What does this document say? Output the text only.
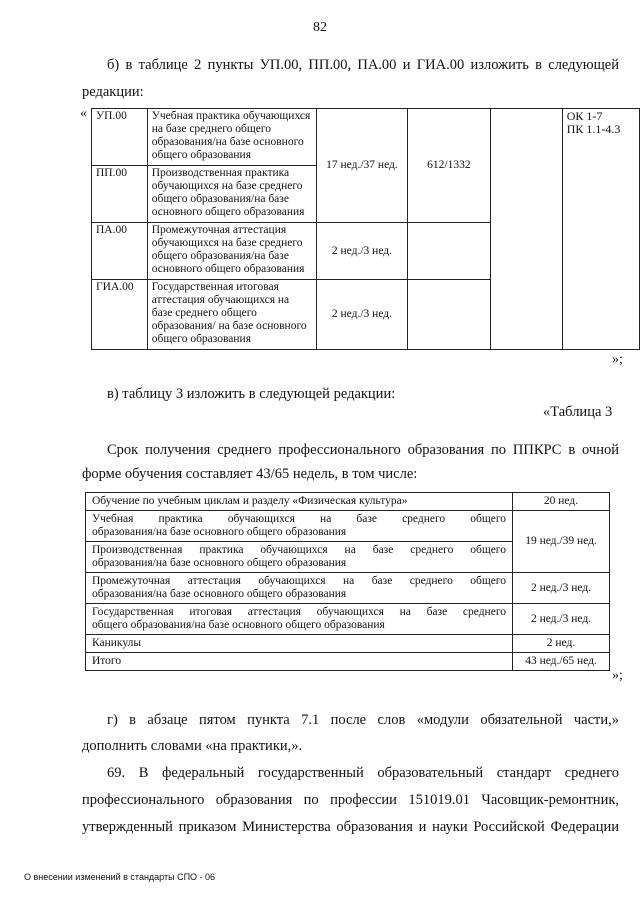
82
б) в таблице 2 пункты УП.00, ПП.00, ПА.00 и ГИА.00 изложить в следующей
редакции:
« УП.00	Учебная практика обучающихся на базе среднего общего образования/на базе основного общего образования	17 нед./37 нед.	612/1332		ОК 1-7
ПК 1.1-4.3

ПП.00	Производственная практика обучающихся на базе среднего общего образования/на базе основного общего образования				
ПА.00	Промежуточная аттестация обучающихся на базе среднего общего образования/на базе основного общего образования	2 нед./3 нед.			
ГИА.00	Государственная итоговая аттестация обучающихся на базе среднего общего образования/ на базе основного общего образования	2 нед./3 нед.			
»;
в) таблицу 3 изложить в следующей редакции:
«Таблица 3
Срок получения среднего профессионального образования по ППКРС в очной
форме обучения составляет 43/65 недель, в том числе:
Обучение по учебным циклам и разделу «Физическая культура»	20 нед.
Учебная практика обучающихся на базе среднего общего
образования/на базе основного общего образования	19 нед./39 нед.
Производственная практика обучающихся на базе среднего общего
образования/на базе основного общего образования	

Промежуточная аттестация обучающихся на базе среднего общего
образования/на базе основного общего образования	2 нед./3 нед.
Государственная итоговая аттестация обучающихся на базе среднего
общего образования/на базе основного общего образования	2 нед./3 нед.

Каникулы	2 нед.

Итого	43 нед./65 нед.
»;
г) в абзаце пятом пункта 7.1 после слов «модули обязательной части,»
дополнить словами «на практики,».
69. В федеральный государственный образовательный стандарт среднего
профессионального образования по профессии 151019.01 Часовщик-ремонтник,
утвержденный приказом Министерства образования и науки Российской Федерации
О внесении изменений в стандарты СПО - 06
